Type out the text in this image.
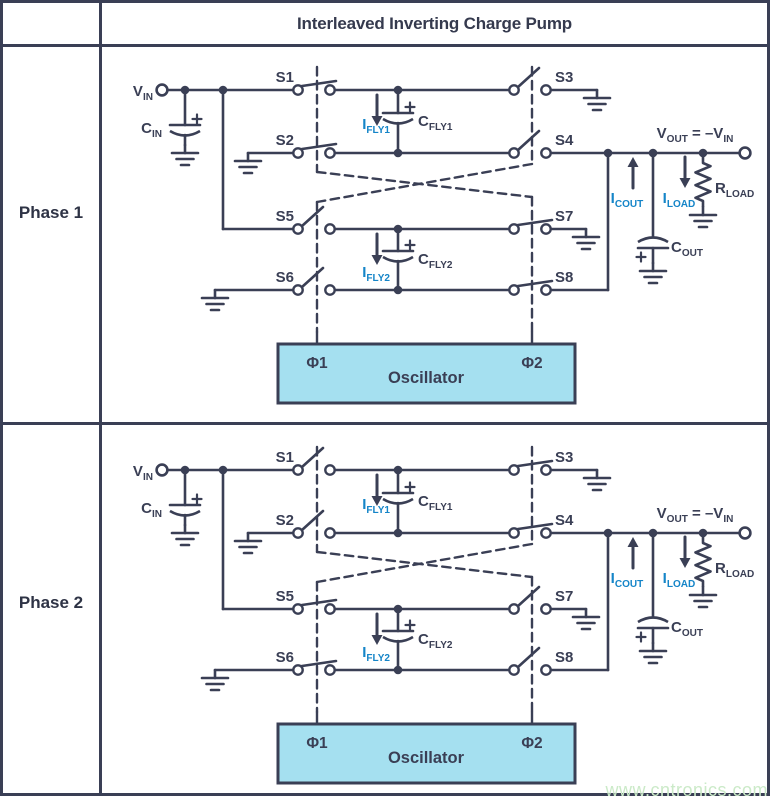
Interleaved Inverting Charge Pump
Phase 1
Phase 2
S1
S2
S3
S4
S5
S6
S7
S8
$V_{IN}$
$C_{IN}$
$C_{FLY1}$
$I_{FLY1}$
$C_{FLY2}$
$I_{FLY2}$
$V_{OUT} = -V_{IN}$
$I_{COUT}$ $I_{LOAD}$
$R_{LOAD}$
$C_{OUT}$
Φ1	Φ2
Oscillator
S1
S2
S3
S4
S5
S6
S7
S8
$V_{IN}$
$C_{IN}$
$C_{FLY1}$
$I_{FLY1}$
$C_{FLY2}$
$I_{FLY2}$
$V_{OUT} = -V_{IN}$
$I_{COUT}$ $I_{LOAD}$
$R_{LOAD}$
$C_{OUT}$
Φ1	Φ2
Oscillator
www.cntronics.com
